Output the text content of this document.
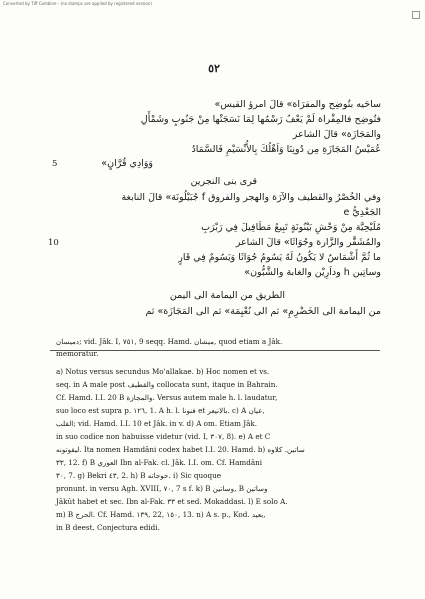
Converted by Tiff Combine - (no stamps are applied by registered version)
٥٢
ساحَيه بتُوضِح والمقرَاة» قالَ امرؤ القيس»
فتُوضِح فالمِقْراة لَمْ يَعْفُ رَسْمُها لِمَا نَسَجَتْها مِنْ جَنُوبٍ وشَمْأَلِ
والمَجَازَة» قالَ الشاعر
عُمَيْسُ المَجَازَةِ مِن دُونِنَا وَاَهْلُكَ بِالأُنْسَيْمِ فَالسَّمَادُ
5	وَوَادِي قُرَّانٍ»
قرى بنى النجرين
وفي الخُصْرُ والقطيف والآرَة والهجر والفروق f جُبَيْلُونَة» قالَ النابغة
الجَعْدِيُّ e
مُلَيْحِيَّة مِنْ وَحْشِ بَيْنُونَةٍ تَبِيعُ مَطَافِيلَ فِي رَبْرَبِ
10	والمُشَقَّر والزَّارة وجُوَاثَا» قالَ الشاعر
ما ثُمَّ أَشْمَاسٌ لا يَكُونُ لَهُ يَسُومُ جُوَاثَا وَيَسُومٌ فِي قَارٍ
وساتِين h وداَرِيْن والغابة والشَّبُّون»
الطريق من اليمامة الى اليمن
من اليمامة الى الخَضْرِمِ» ثم الى نُعْيِمَة» ثم الى المَجَازَة» ثم
دميسان; vid. Jâk. I, ٧٥١, 9 seqq. Hamd. ميشان, quod etiam a Jâk.
memoratur.
a) Notus versus secundus Mo'allakae. b) Hoc nomen et vs.
seq. in A male post والقطيف collocata sunt, itaque in Bahrain.
Cf. Hamd. I.I. 20 B والمجازة. Versus autem male h. l. laudatur,
suo loco est supra p. ١٢٦, 1. A h. l. فنونا et بالانيعر. c) A عيان,
القلب; vid. Hamd. I.I. 10 et Jâk. in v. d) A om. Etiam Jâk.
in suo codice non habuisse videtur (vid. I, ٣٠٧, 8). e) A et C
ليقوتونه. Ita nomen Hamdâni codex habet I.I. 20. Hamd. b) ساتين. كلاوه
٣٣, 12. f) B العوري Ibn al-Fak. cl. Jâk. I.I. om. Cf. Hamdâni
٣٠, 7. g) Bekri ٤٣, 2. h) B حوجاته. i) Sic quoque
pronunt. in versu Agh. XVIII, ٧٠, 7 s f. k) B وساتين, B وساتين
Jâkût habet et sec. Ibn al-Fak. ٣٣ et sed. Mokaddasi. l) E solo A.
m) B الحرج. Cf. Hamd. ١٣٩, 22, ١٥٠, 13. n) A s. p., Kod. بعيد,
in B deest. Conjectura edidi.
